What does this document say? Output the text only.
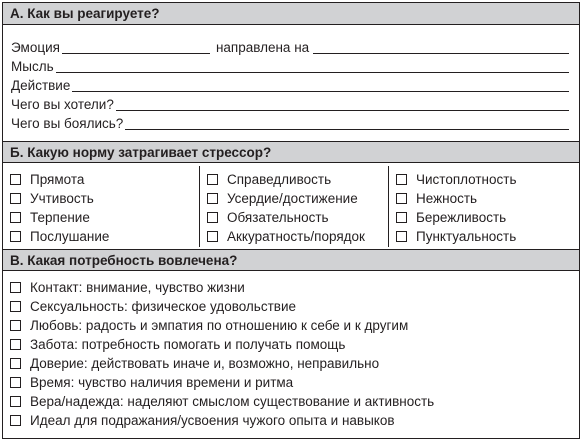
А. Как вы реагируете?
Эмоция	направлена на
Мысль
Действие
Чего вы хотели?
Чего вы боялись?
Б. Какую норму затрагивает стрессор?
Прямота
Учтивость
Терпение
Послушание
Справедливость
Усердие/достижение
Обязательность
Аккуратность/порядок
Чистоплотность
Нежность
Бережливость
Пунктуальность
В. Какая потребность вовлечена?
Контакт: внимание, чувство жизни
Сексуальность: физическое удовольствие
Любовь: радость и эмпатия по отношению к себе и к другим
Забота: потребность помогать и получать помощь
Доверие: действовать иначе и, возможно, неправильно
Время: чувство наличия времени и ритма
Вера/надежда: наделяют смыслом существование и активность
Идеал для подражания/усвоения чужого опыта и навыков
